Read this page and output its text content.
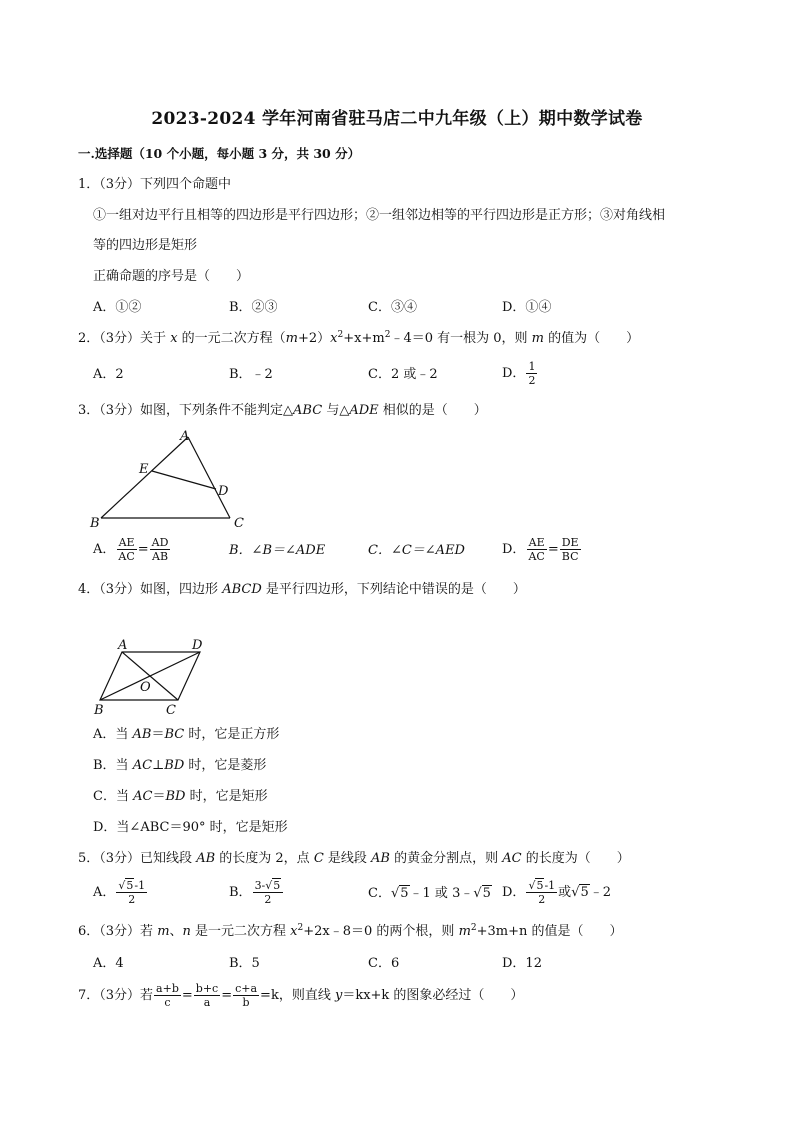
2023-2024 学年河南省驻马店二中九年级（上）期中数学试卷
一.选择题（10 个小题，每小题 3 分，共 30 分）
1．（3分）下列四个命题中
①一组对边平行且相等的四边形是平行四边形；②一组邻边相等的平行四边形是正方形；③对角线相
等的四边形是矩形
正确命题的序号是（　　）
A．①②	B．②③	C．③④	D．①④
2．（3分）关于 x 的一元二次方程$(m+2)x^2+x+m^2﹣4=0$ 有一根为 0，则 m 的值为（　　）
A．2	B．﹣2	C．2 或﹣2	D． $\frac{1}{2}$
3．（3分）如图，下列条件不能判定△ABC 与△ADE 相似的是（　　）
A
B	C
D
E
A． $\frac{AE}{AC} = \frac{AD}{AB}$	B．∠B＝∠ADE	C．∠C＝∠AED	D． $\frac{AE}{AC} = \frac{DE}{BC}$
4．（3分）如图，四边形 ABCD 是平行四边形，下列结论中错误的是（　　）
A	D
B	C
O
A．当 AB＝BC 时，它是正方形
B．当 AC⊥BD 时，它是菱形
C．当 AC＝BD 时，它是矩形
D．当∠ABC＝90° 时，它是矩形
5．（3分）已知线段 AB 的长度为 2，点 C 是线段 AB 的黄金分割点，则 AC 的长度为（　　）
A． $\frac{√5-1}{2}$	B． $\frac{3-√5}{2}$	C．√5﹣1 或 3﹣√5 D． $\frac{√5-1}{2}$ 或√5﹣2
6．（3分）若 m、n 是一元二次方程 $x^2+2x﹣8=0$ 的两个根，则 $m^2+3m+n$ 的值是（　　）
A．4	B．5	C．6	D．12
7．（3分）若 $\frac{a+b}{c} = \frac{b+c}{a} = \frac{c+a}{b} =k$，则直线 y＝kx+k 的图象必经过（　　）
